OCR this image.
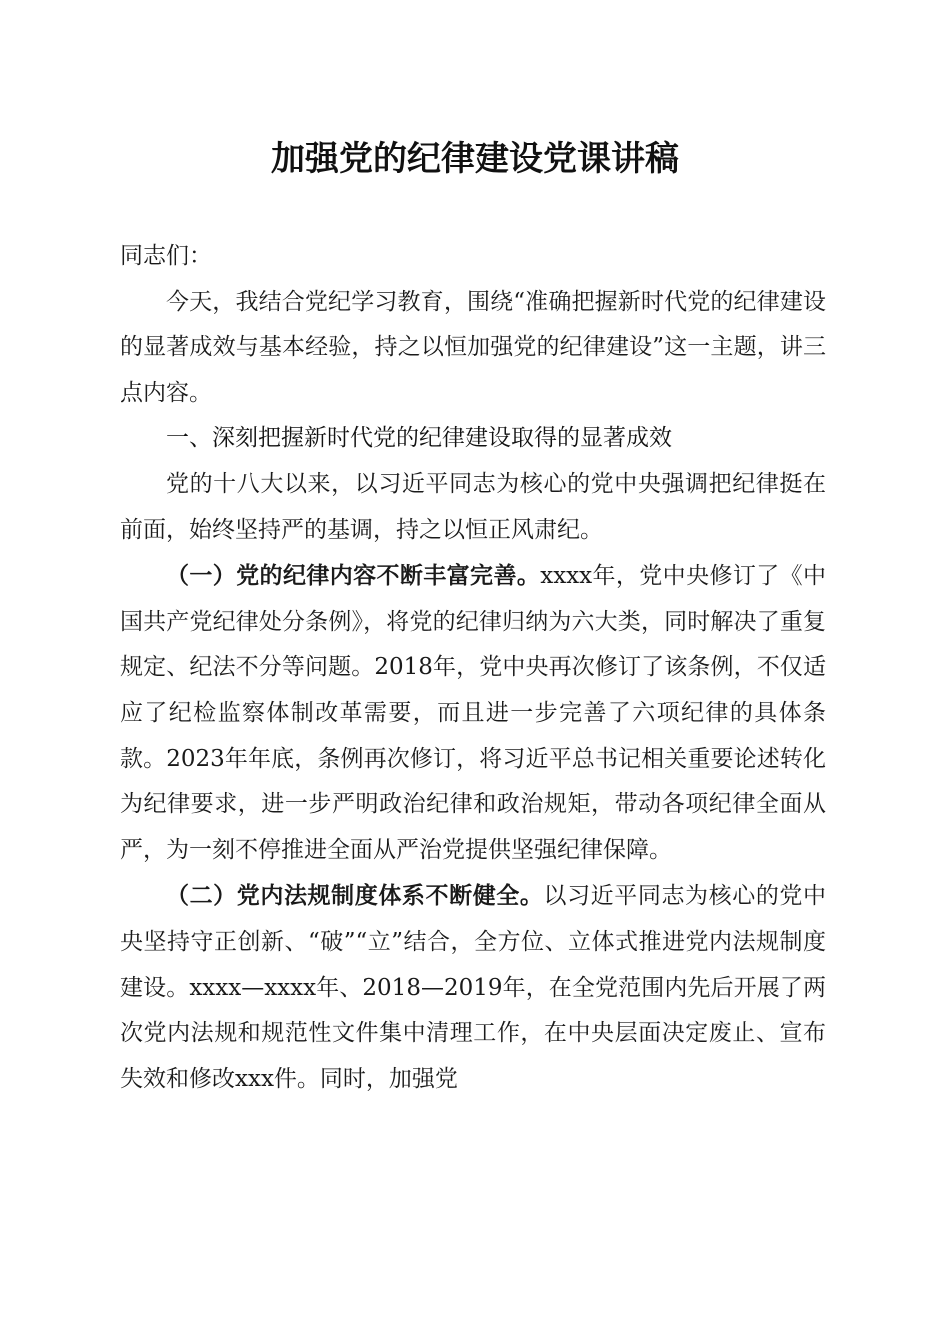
加强党的纪律建设党课讲稿

同志们：

今天，我结合党纪学习教育，围绕“准确把握新时代党的纪律建设的显著成效与基本经验，持之以恒加强党的纪律建设”这一主题，讲三点内容。

一、深刻把握新时代党的纪律建设取得的显著成效

党的十八大以来，以习近平同志为核心的党中央强调把纪律挺在前面，始终坚持严的基调，持之以恒正风肃纪。

（一）党的纪律内容不断丰富完善。xxxx年，党中央修订了《中国共产党纪律处分条例》，将党的纪律归纳为六大类，同时解决了重复规定、纪法不分等问题。2018年，党中央再次修订了该条例，不仅适应了纪检监察体制改革需要，而且进一步完善了六项纪律的具体条款。2023年年底，条例再次修订，将习近平总书记相关重要论述转化为纪律要求，进一步严明政治纪律和政治规矩，带动各项纪律全面从严，为一刻不停推进全面从严治党提供坚强纪律保障。

（二）党内法规制度体系不断健全。以习近平同志为核心的党中央坚持守正创新、“破”“立”结合，全方位、立体式推进党内法规制度建设。xxxx—xxxx年、2018—2019年，在全党范围内先后开展了两次党内法规和规范性文件集中清理工作，在中央层面决定废止、宣布失效和修改xxx件。同时，加强党
